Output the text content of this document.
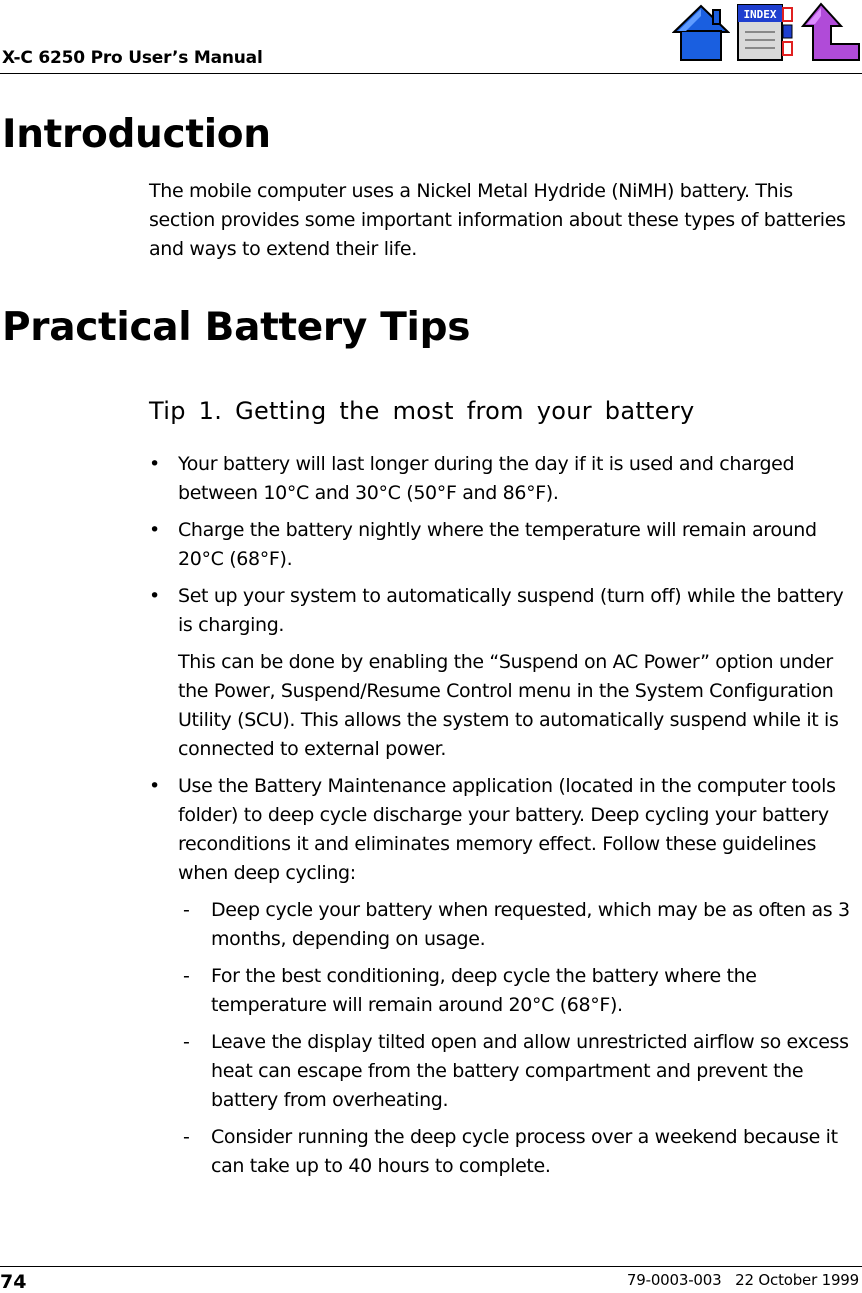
X-C 6250 Pro User’s Manual
INDEX
Introduction

The mobile computer uses a Nickel Metal Hydride (NiMH) battery. This section provides some important information about these types of batteries and ways to extend their life.

Practical Battery Tips

Tip 1. Getting the most from your battery

• Your battery will last longer during the day if it is used and charged between 10°C and 30°C (50°F and 86°F).
• Charge the battery nightly where the temperature will remain around 20°C (68°F).
• Set up your system to automatically suspend (turn off) while the battery is charging.
This can be done by enabling the “Suspend on AC Power” option under the Power, Suspend/Resume Control menu in the System Configuration Utility (SCU). This allows the system to automatically suspend while it is connected to external power.
• Use the Battery Maintenance application (located in the computer tools folder) to deep cycle discharge your battery. Deep cycling your battery reconditions it and eliminates memory effect. Follow these guidelines when deep cycling:
- Deep cycle your battery when requested, which may be as often as 3 months, depending on usage.
- For the best conditioning, deep cycle the battery where the temperature will remain around 20°C (68°F).
- Leave the display tilted open and allow unrestricted airflow so excess heat can escape from the battery compartment and prevent the battery from overheating.
- Consider running the deep cycle process over a weekend because it can take up to 40 hours to complete.
74	79-0003-003 22 October 1999
